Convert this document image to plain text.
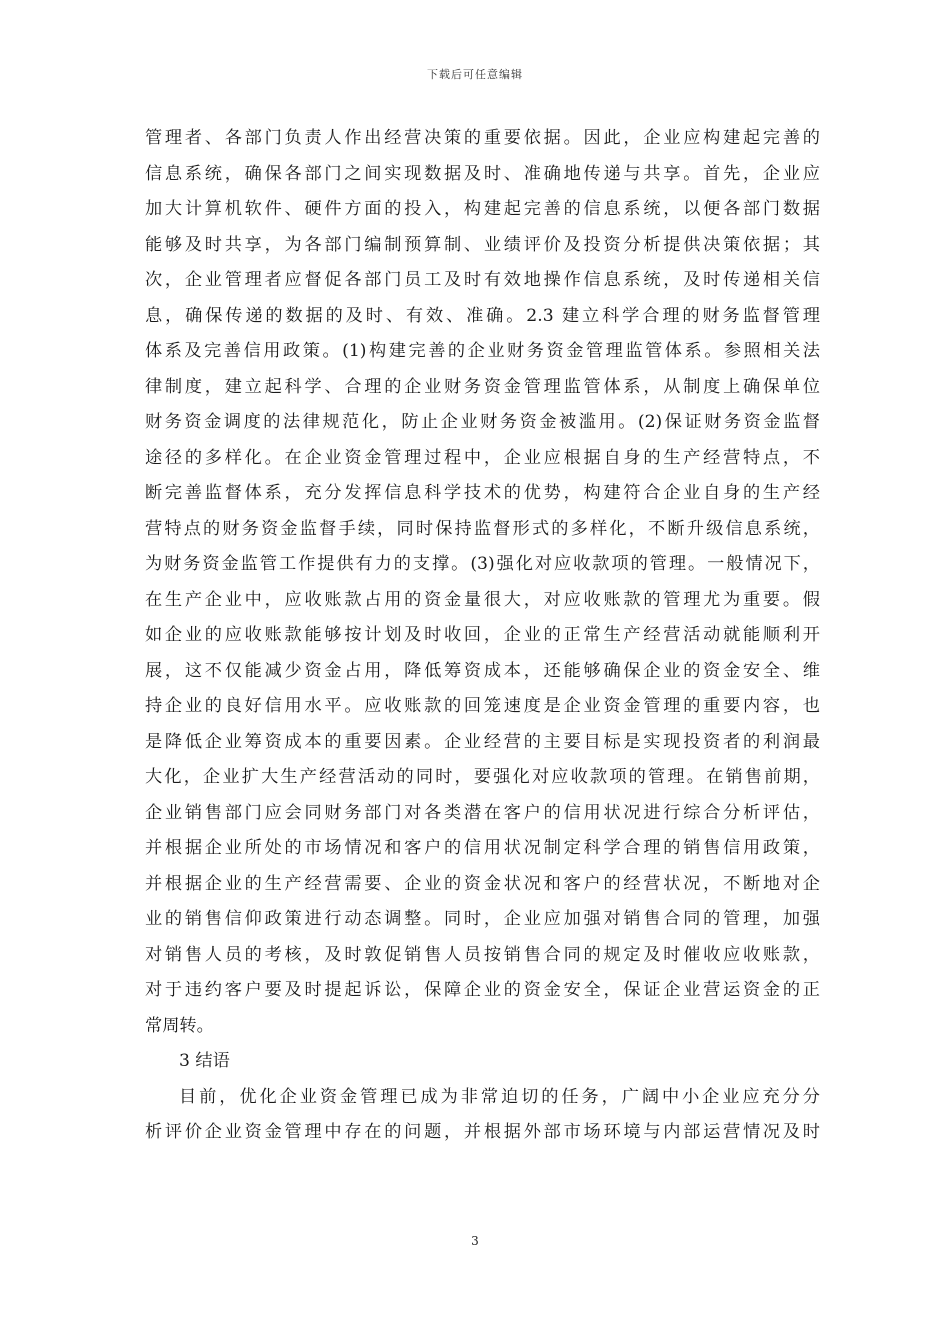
下载后可任意编辑
管理者、各部门负责人作出经营决策的重要依据。因此，企业应构建起完善的
信息系统，确保各部门之间实现数据及时、准确地传递与共享。首先，企业应
加大计算机软件、硬件方面的投入，构建起完善的信息系统，以便各部门数据
能够及时共享，为各部门编制预算制、业绩评价及投资分析提供决策依据；其
次，企业管理者应督促各部门员工及时有效地操作信息系统，及时传递相关信
息，确保传递的数据的及时、有效、准确。2.3 建立科学合理的财务监督管理
体系及完善信用政策。(1)构建完善的企业财务资金管理监管体系。参照相关法
律制度，建立起科学、合理的企业财务资金管理监管体系，从制度上确保单位
财务资金调度的法律规范化，防止企业财务资金被滥用。(2)保证财务资金监督
途径的多样化。在企业资金管理过程中，企业应根据自身的生产经营特点，不
断完善监督体系，充分发挥信息科学技术的优势，构建符合企业自身的生产经
营特点的财务资金监督手续，同时保持监督形式的多样化，不断升级信息系统，
为财务资金监管工作提供有力的支撑。(3)强化对应收款项的管理。一般情况下，
在生产企业中，应收账款占用的资金量很大，对应收账款的管理尤为重要。假
如企业的应收账款能够按计划及时收回，企业的正常生产经营活动就能顺利开
展，这不仅能减少资金占用，降低筹资成本，还能够确保企业的资金安全、维
持企业的良好信用水平。应收账款的回笼速度是企业资金管理的重要内容，也
是降低企业筹资成本的重要因素。企业经营的主要目标是实现投资者的利润最
大化，企业扩大生产经营活动的同时，要强化对应收款项的管理。在销售前期，
企业销售部门应会同财务部门对各类潜在客户的信用状况进行综合分析评估，
并根据企业所处的市场情况和客户的信用状况制定科学合理的销售信用政策，
并根据企业的生产经营需要、企业的资金状况和客户的经营状况，不断地对企
业的销售信仰政策进行动态调整。同时，企业应加强对销售合同的管理，加强
对销售人员的考核，及时敦促销售人员按销售合同的规定及时催收应收账款，
对于违约客户要及时提起诉讼，保障企业的资金安全，保证企业营运资金的正
常周转。
3 结语
目前，优化企业资金管理已成为非常迫切的任务，广阔中小企业应充分分
析评价企业资金管理中存在的问题，并根据外部市场环境与内部运营情况及时
3
